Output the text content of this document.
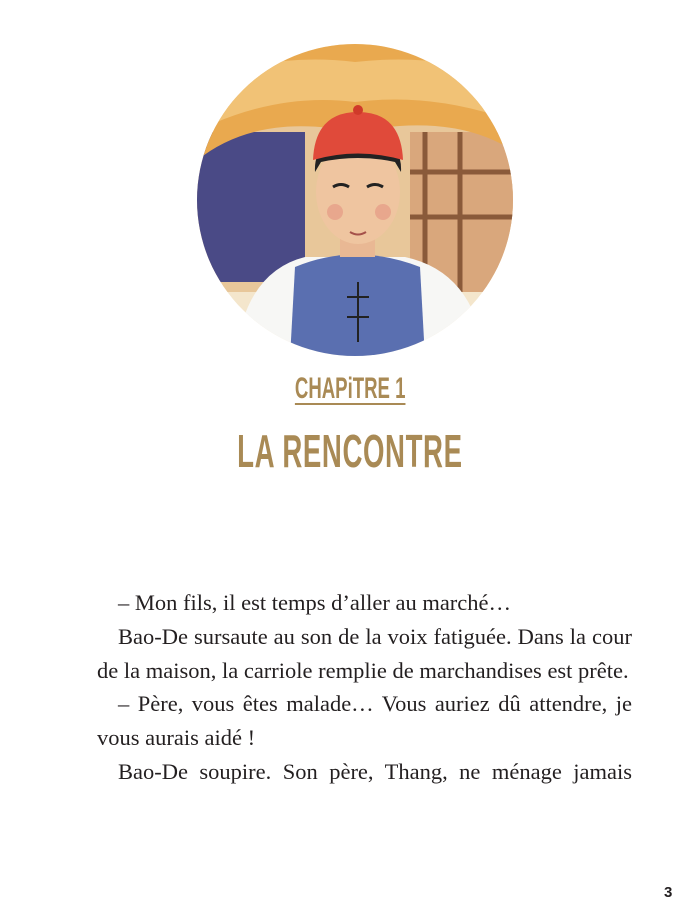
CHAPiTRE 1
LA RENCONTRE

– Mon fils, il est temps d’aller au marché…

Bao-De sursaute au son de la voix fatiguée. Dans la cour de la maison, la carriole remplie de marchandises est prête.

– Père, vous êtes malade… Vous auriez dû attendre, je vous aurais aidé !

Bao-De soupire. Son père, Thang, ne ménage jamais

3
